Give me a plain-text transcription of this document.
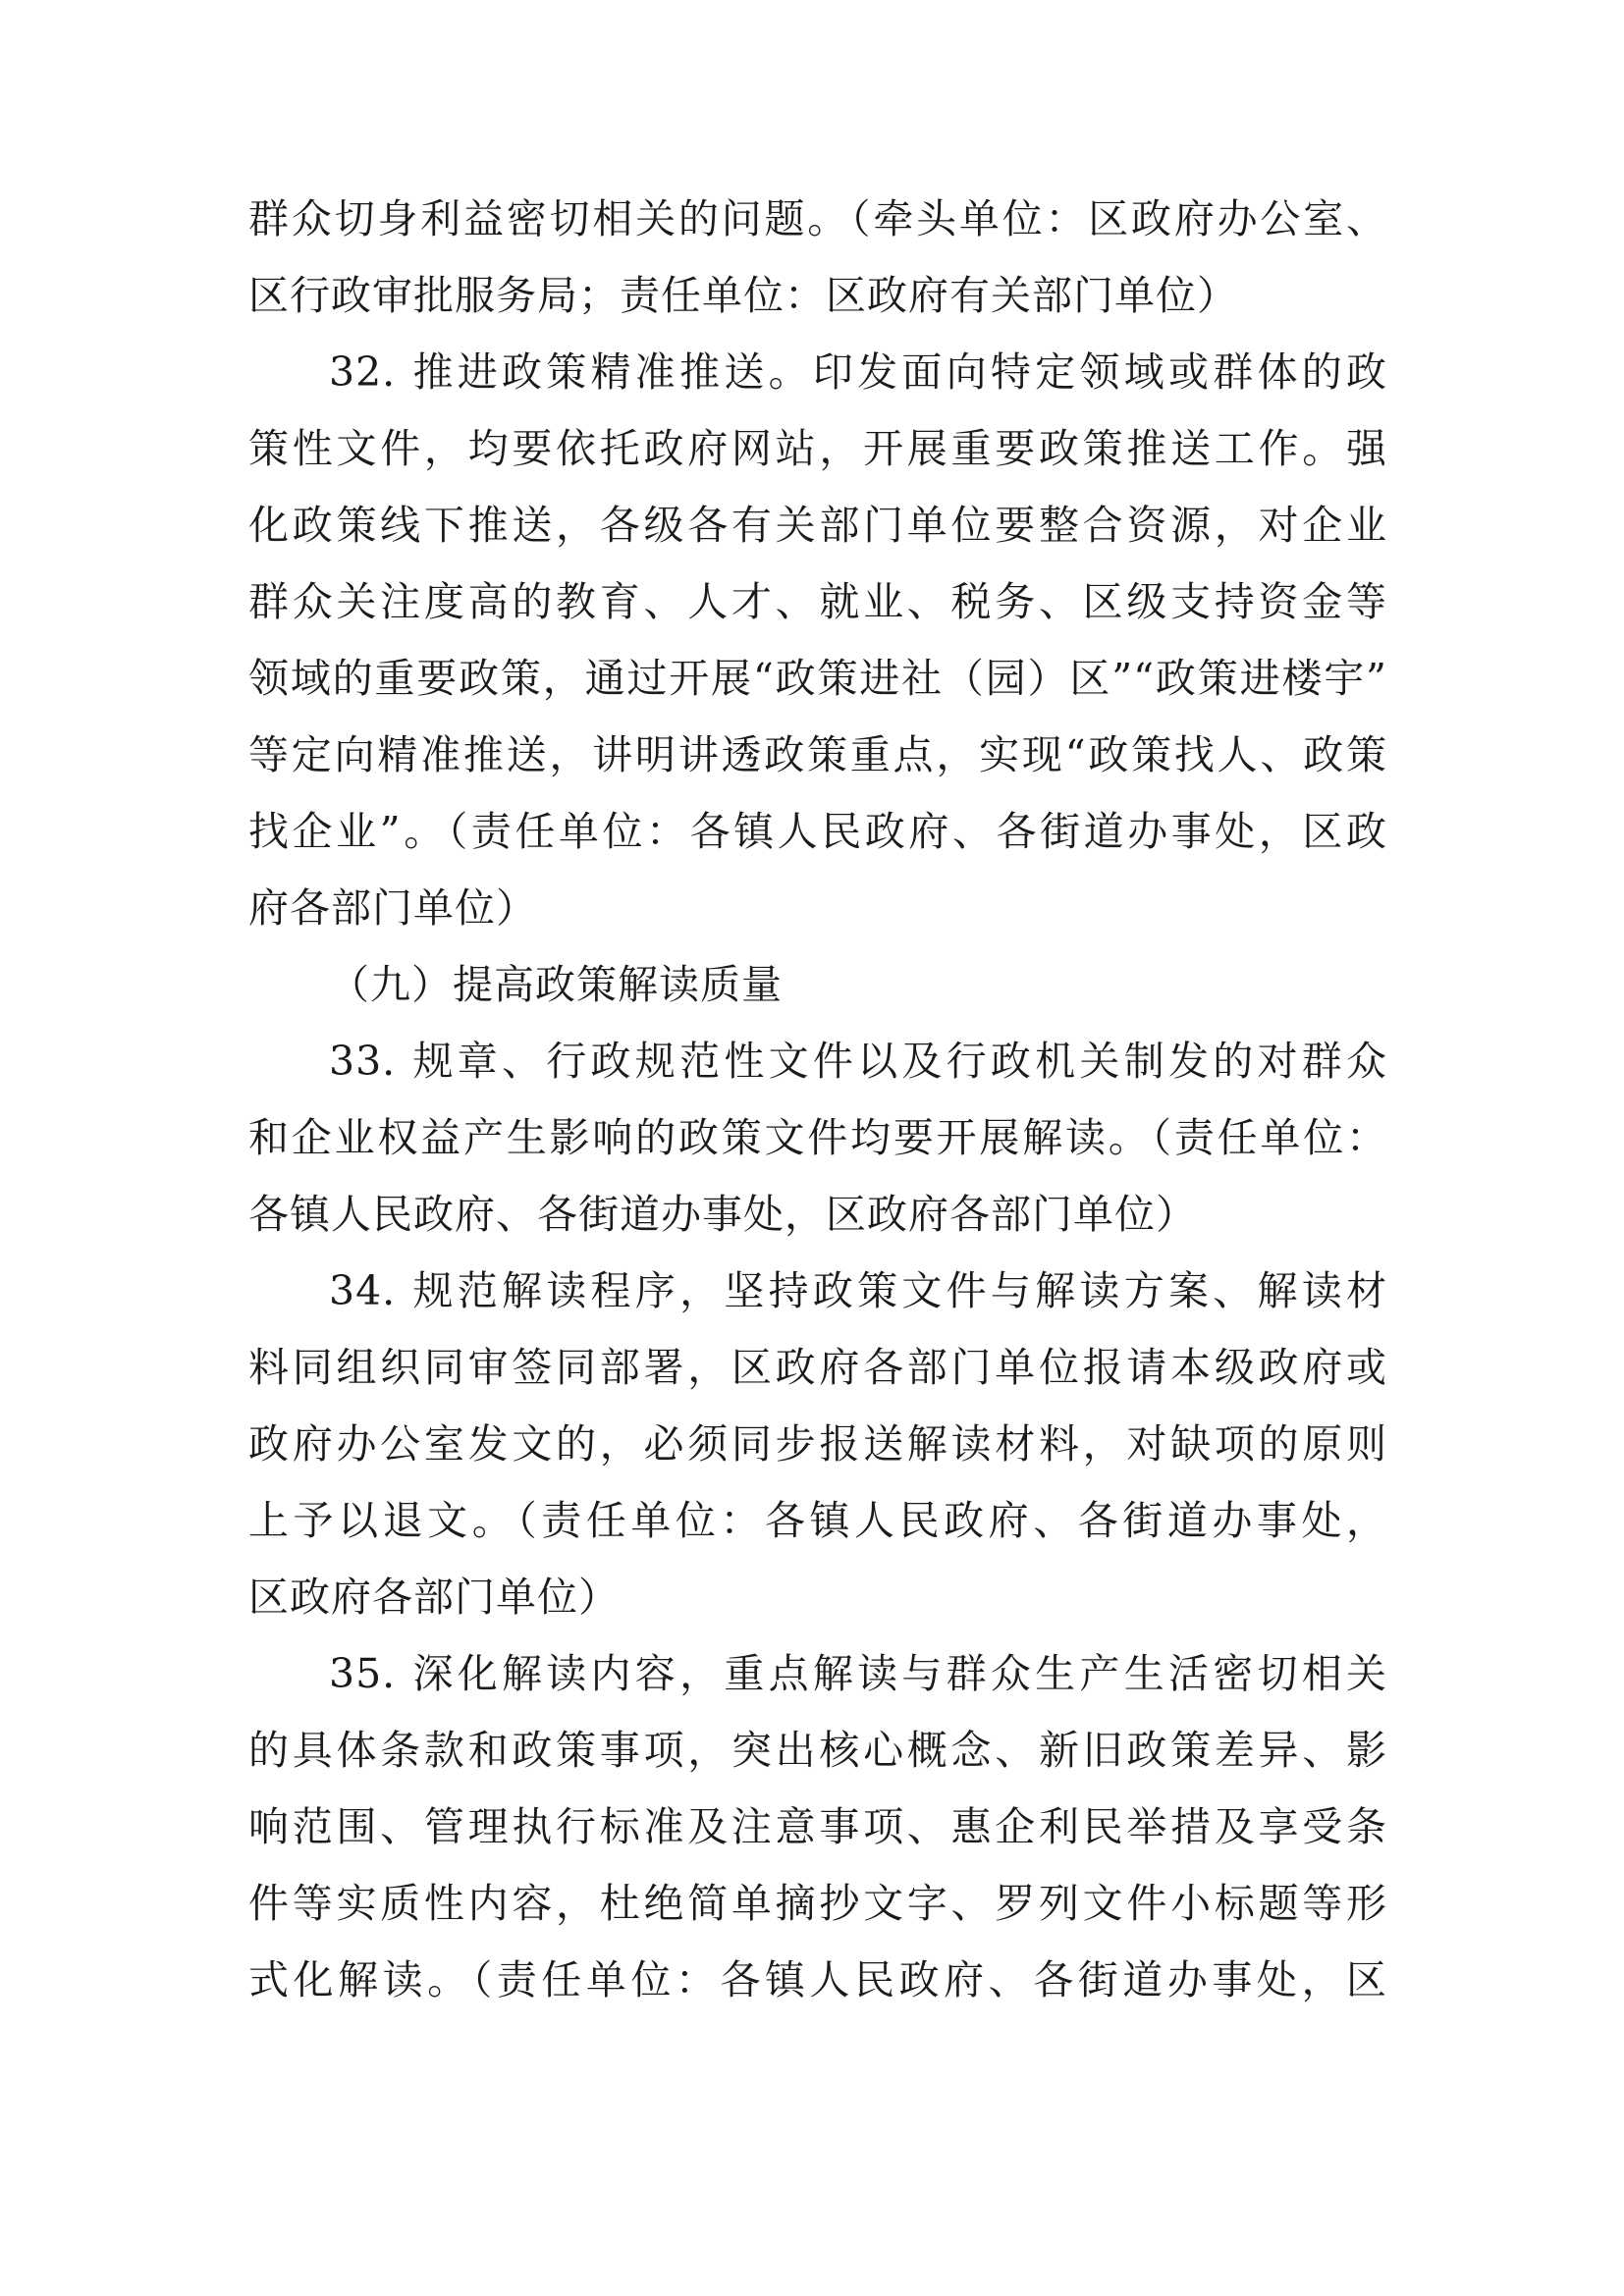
群众切身利益密切相关的问题。（牵头单位：区政府办公室、
区行政审批服务局；责任单位：区政府有关部门单位）
32. 推进政策精准推送。印发面向特定领域或群体的政
策性文件，均要依托政府网站，开展重要政策推送工作。强
化政策线下推送，各级各有关部门单位要整合资源，对企业
群众关注度高的教育、人才、就业、税务、区级支持资金等
领域的重要政策，通过开展“政策进社（园）区”“政策进楼宇”
等定向精准推送，讲明讲透政策重点，实现“政策找人、政策
找企业”。（责任单位：各镇人民政府、各街道办事处，区政
府各部门单位）
（九）提高政策解读质量
33. 规章、行政规范性文件以及行政机关制发的对群众
和企业权益产生影响的政策文件均要开展解读。（责任单位：
各镇人民政府、各街道办事处，区政府各部门单位）
34. 规范解读程序，坚持政策文件与解读方案、解读材
料同组织同审签同部署，区政府各部门单位报请本级政府或
政府办公室发文的，必须同步报送解读材料，对缺项的原则
上予以退文。（责任单位：各镇人民政府、各街道办事处，
区政府各部门单位）
35. 深化解读内容，重点解读与群众生产生活密切相关
的具体条款和政策事项，突出核心概念、新旧政策差异、影
响范围、管理执行标准及注意事项、惠企利民举措及享受条
件等实质性内容，杜绝简单摘抄文字、罗列文件小标题等形
式化解读。（责任单位：各镇人民政府、各街道办事处，区
